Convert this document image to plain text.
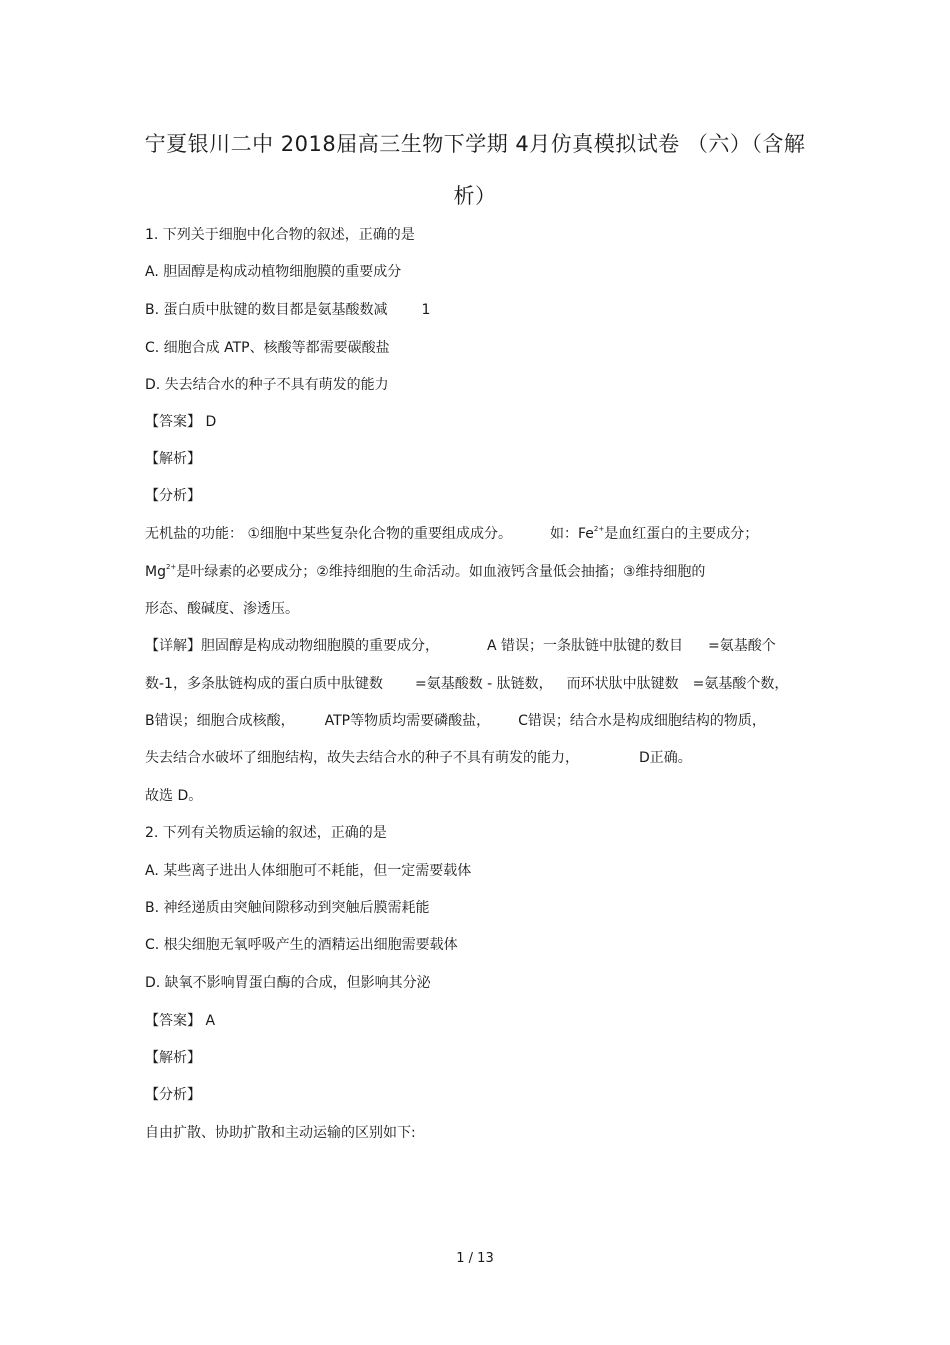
宁夏银川二中 2018届高三生物下学期 4月仿真模拟试卷 （六）（含解
析）
1. 下列关于细胞中化合物的叙述，正确的是
A. 胆固醇是构成动植物细胞膜的重要成分
B. 蛋白质中肽键的数目都是氨基酸数减 1
C. 细胞合成 ATP、核酸等都需要碳酸盐
D. 失去结合水的种子不具有萌发的能力
【答案】 D
【解析】
【分析】
无机盐的功能： ①细胞中某些复杂化合物的重要组成成分。	如：$Fe^{2+}$是血红蛋白的主要成分；
$Mg^{2+}$是叶绿素的必要成分；②维持细胞的生命活动。如血液钙含量低会抽搐；③维持细胞的
形态、酸碱度、渗透压。
【详解】胆固醇是构成动物细胞膜的重要成分，	A 错误；一条肽链中肽键的数目 =氨基酸个
数-1，多条肽链构成的蛋白质中肽键数 =氨基酸数 - 肽链数， 而环状肽中肽键数 =氨基酸个数，
B错误；细胞合成核酸， ATP等物质均需要磷酸盐， C错误；结合水是构成细胞结构的物质，
失去结合水破坏了细胞结构，故失去结合水的种子不具有萌发的能力，	D正确。
故选 D。
2. 下列有关物质运输的叙述，正确的是
A. 某些离子进出人体细胞可不耗能，但一定需要载体
B. 神经递质由突触间隙移动到突触后膜需耗能
C. 根尖细胞无氧呼吸产生的酒精运出细胞需要载体
D. 缺氧不影响胃蛋白酶的合成，但影响其分泌
【答案】 A
【解析】
【分析】
自由扩散、协助扩散和主动运输的区别如下:
1 / 13
